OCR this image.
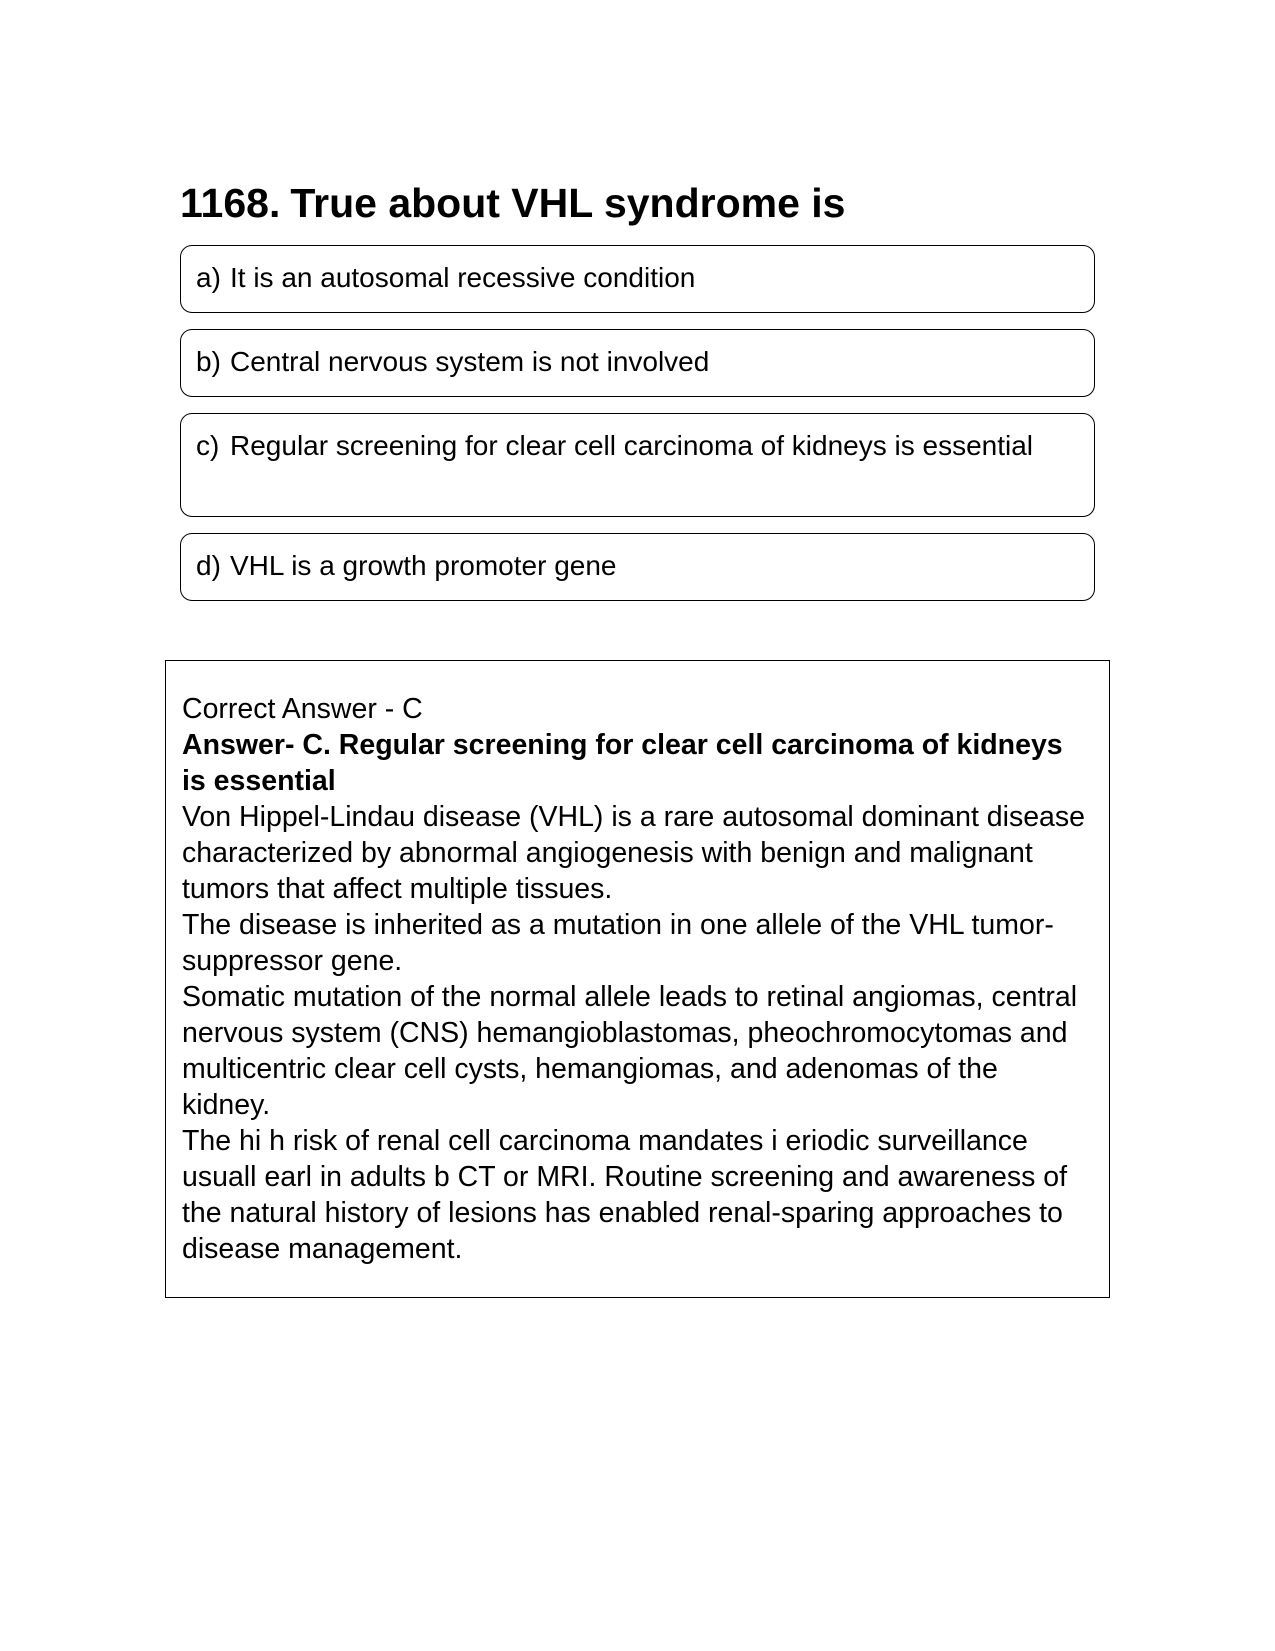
1168. True about VHL syndrome is
a) It is an autosomal recessive condition
b) Central nervous system is not involved
c) Regular screening for clear cell carcinoma of kidneys is essential
d) VHL is a growth promoter gene

Correct Answer - C

Answer- C. Regular screening for clear cell carcinoma of kidneys is essential

Von Hippel-Lindau disease (VHL) is a rare autosomal dominant disease characterized by abnormal angiogenesis with benign and malignant tumors that affect multiple tissues.

The disease is inherited as a mutation in one allele of the VHL tumor-suppressor gene.

Somatic mutation of the normal allele leads to retinal angiomas, central nervous system (CNS) hemangioblastomas, pheochromocytomas and multicentric clear cell cysts, hemangiomas, and adenomas of the kidney.

The hi h risk of renal cell carcinoma mandates i eriodic surveillance usuall earl in adults b CT or MRI. Routine screening and awareness of the natural history of lesions has enabled renal-sparing approaches to disease management.
